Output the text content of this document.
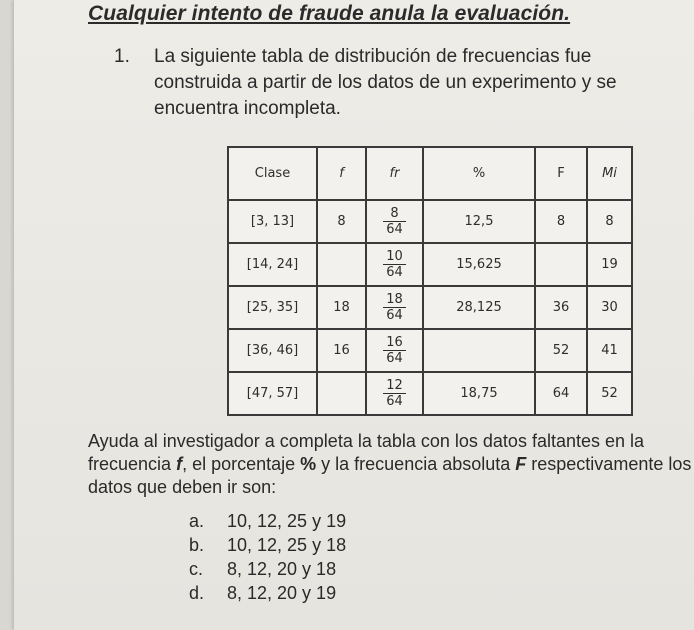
Cualquier intento de fraude anula la evaluación.
1. La siguiente tabla de distribución de frecuencias fue construida a partir de los datos de un experimento y se encuentra incompleta.
Clase	f	fr	%	F	Mi
[3, 13]	8	$\frac{8}{64}$	12,5	8	8
[14, 24]		$\frac{10}{64}$	15,625		19
[25, 35]	18	$\frac{18}{64}$	28,125	36	30
[36, 46]	16	$\frac{16}{64}$		52	41
[47, 57]		$\frac{12}{64}$	18,75	64	52
Ayuda al investigador a completa la tabla con los datos faltantes en la frecuencia f, el porcentaje % y la frecuencia absoluta F respectivamente los datos que deben ir son:
a.	10, 12, 25 y 19
b.	10, 12, 25 y 18
c.	8, 12, 20 y 18
d.	8, 12, 20 y 19
